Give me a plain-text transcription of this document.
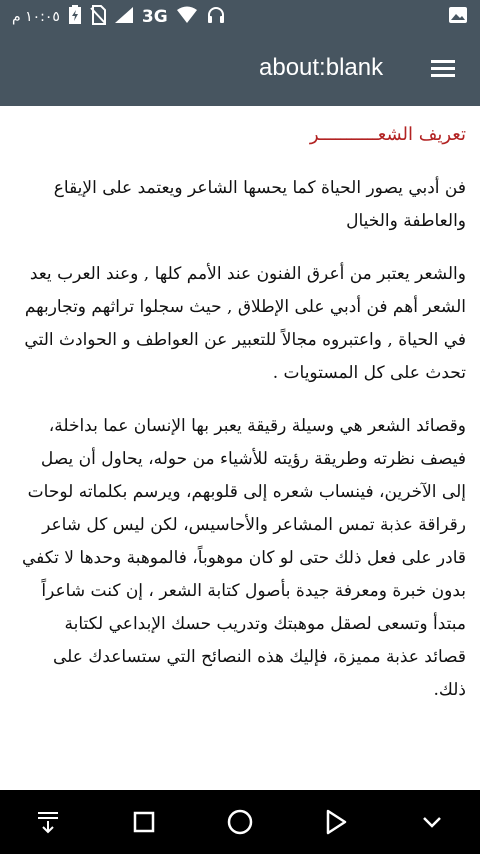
١٠:٠٥ م	3G
about:blank
تعريف الشعـــــــــــر

فن أدبي يصور الحياة كما يحسها الشاعر ويعتمد على الإيقاع والعاطفة والخيال

والشعر يعتبر من أعرق الفنون عند الأمم كلها , وعند العرب يعد الشعر أهم فن أدبي على الإطلاق , حيث سجلوا تراثهم وتجاربهم في الحياة , واعتبروه مجالاً للتعبير عن العواطف و الحوادث التي تحدث على كل المستويات .

وقصائد الشعر هي وسيلة رقيقة يعبر بها الإنسان عما بداخلة، فيصف نظرته وطريقة رؤيته للأشياء من حوله، يحاول أن يصل إلى الآخرين، فينساب شعره إلى قلوبهم، ويرسم بكلماته لوحات رقراقة عذبة تمس المشاعر والأحاسيس، لكن ليس كل شاعر قادر على فعل ذلك حتى لو كان موهوباً، فالموهبة وحدها لا تكفي بدون خبرة ومعرفة جيدة بأصول كتابة الشعر ، إن كنت شاعراً مبتدأ وتسعى لصقل موهبتك وتدريب حسك الإبداعي لكتابة قصائد عذبة مميزة، فإليك هذه النصائح التي ستساعدك على ذلك.
